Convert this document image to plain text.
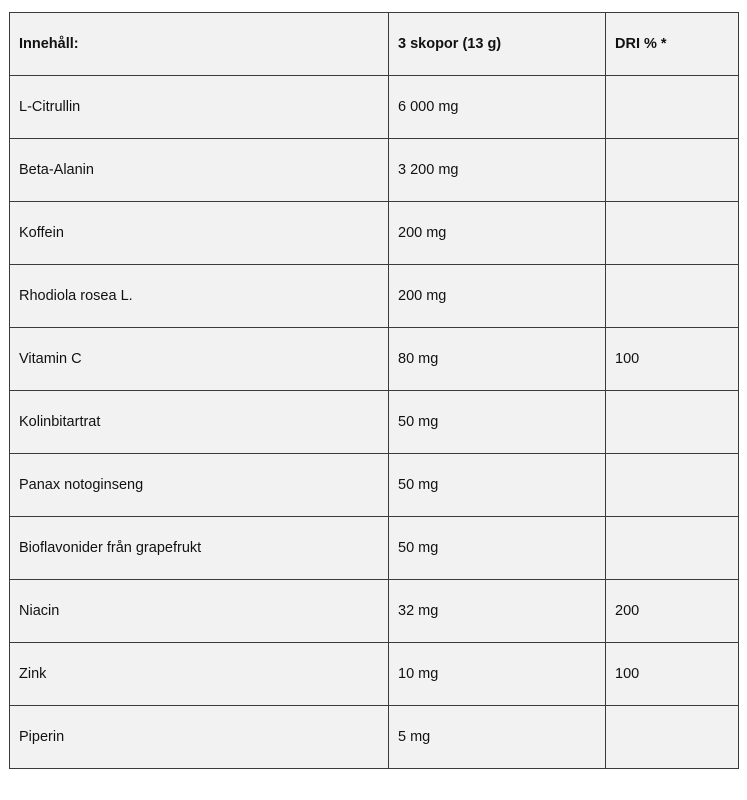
Innehåll:	3 skopor (13 g)	DRI % *
L-Citrullin	6 000 mg	
Beta-Alanin	3 200 mg	
Koffein	200 mg	
Rhodiola rosea L.	200 mg	
Vitamin C	80 mg	100
Kolinbitartrat	50 mg	
Panax notoginseng	50 mg	
Bioflavonider från grapefrukt	50 mg	
Niacin	32 mg	200
Zink	10 mg	100
Piperin	5 mg	
